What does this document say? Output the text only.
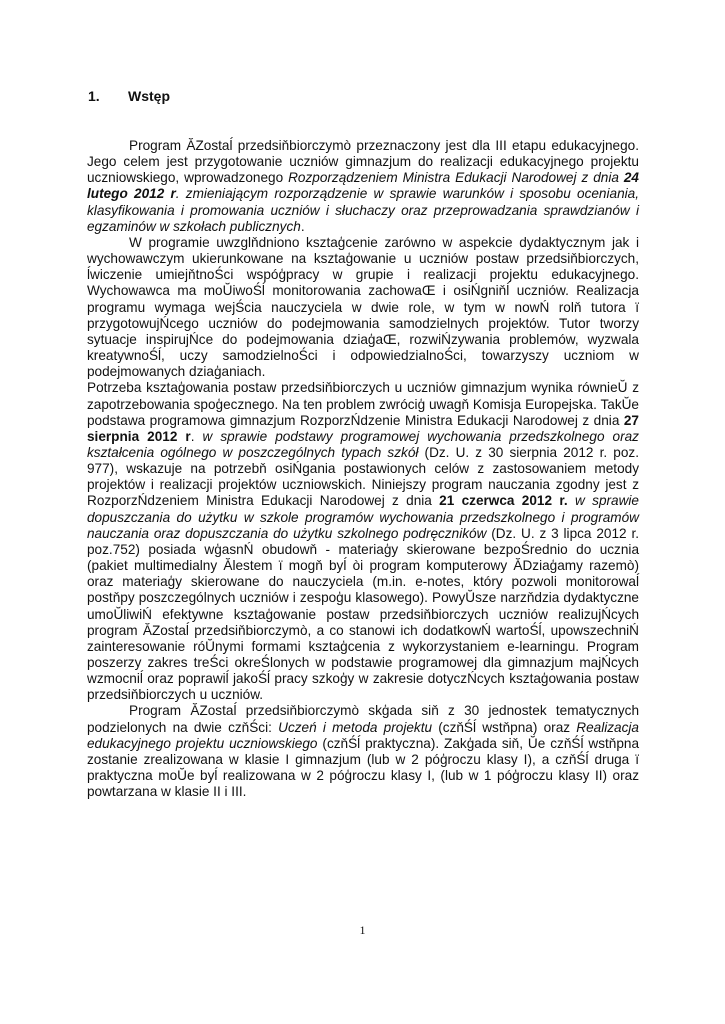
1. Wstęp

Program ĂZostaĺ przedsiňbiorczymò przeznaczony jest dla III etapu edukacyjnego. Jego celem jest przygotowanie uczniów gimnazjum do realizacji edukacyjnego projektu uczniowskiego, wprowadzonego Rozporządzeniem Ministra Edukacji Narodowej z dnia 24 lutego 2012 r. zmieniającym rozporządzenie w sprawie warunków i sposobu oceniania, klasyfikowania i promowania uczniów i słuchaczy oraz przeprowadzania sprawdzianów i egzaminów w szkołach publicznych.

W programie uwzglňdniono ksztaģcenie zarówno w aspekcie dydaktycznym jak i wychowawczym ukierunkowane na ksztaģowanie u uczniów postaw przedsiňbiorczych, ĺwiczenie umiejňtnoŚci wspóģpracy w grupie i realizacji projektu edukacyjnego. Wychowawca ma moŬiwoŚĺ monitorowania zachowaŒ i osiŃgniňĺ uczniów. Realizacja programu wymaga wejŚcia nauczyciela w dwie role, w tym w nowŃ rolň tutora ï przygotowujŃcego uczniów do podejmowania samodzielnych projektów. Tutor tworzy sytuacje inspirujŃce do podejmowania dziaģaŒ, rozwiŃzywania problemów, wyzwala kreatywnoŚĺ, uczy samodzielnoŚci i odpowiedzialnoŚci, towarzyszy uczniom w podejmowanych dziaģaniach.

Potrzeba ksztaģowania postaw przedsiňbiorczych u uczniów gimnazjum wynika równieŬ z zapotrzebowania spoģecznego. Na ten problem zwróciģ uwagň Komisja Europejska. TakŬe podstawa programowa gimnazjum RozporzŃdzenie Ministra Edukacji Narodowej z dnia 27 sierpnia 2012 r. w sprawie podstawy programowej wychowania przedszkolnego oraz kształcenia ogólnego w poszczególnych typach szkół (Dz. U. z 30 sierpnia 2012 r. poz. 977), wskazuje na potrzebň osiŃgania postawionych celów z zastosowaniem metody projektów i realizacji projektów uczniowskich. Niniejszy program nauczania zgodny jest z RozporzŃdzeniem Ministra Edukacji Narodowej z dnia 21 czerwca 2012 r. w sprawie dopuszczania do użytku w szkole programów wychowania przedszkolnego i programów nauczania oraz dopuszczania do użytku szkolnego podręczników (Dz. U. z 3 lipca 2012 r. poz.752) posiada wģasnŃ obudowň - materiaģy skierowane bezpoŚrednio do ucznia (pakiet multimedialny Ălestem ï mogň byĺ òi program komputerowy ĂDziaģamy razemò) oraz materiaģy skierowane do nauczyciela (m.in. e-notes, który pozwoli monitorowaĺ postňpy poszczególnych uczniów i zespoģu klasowego). PowyŬsze narzňdzia dydaktyczne umoŬliwiŃ efektywne ksztaģowanie postaw przedsiňbiorczych uczniów realizujŃcych program ĂZostaĺ przedsiňbiorczymò, a co stanowi ich dodatkowŃ wartoŚĺ, upowszechniŃ zainteresowanie róŬnymi formami ksztaģcenia z wykorzystaniem e-learningu. Program poszerzy zakres treŚci okreŚlonych w podstawie programowej dla gimnazjum majŃcych wzmocniĺ oraz poprawiĺ jakoŚĺ pracy szkoģy w zakresie dotyczŃcych ksztaģowania postaw przedsiňbiorczych u uczniów.

Program ĂZostaĺ przedsiňbiorczymò skģada siň z 30 jednostek tematycznych podzielonych na dwie czňŚci: Uczeń i metoda projektu (czňŚĺ wstňpna) oraz Realizacja edukacyjnego projektu uczniowskiego (czňŚĺ praktyczna). Zakģada siň, Ŭe czňŚĺ wstňpna zostanie zrealizowana w klasie I gimnazjum (lub w 2 póģroczu klasy I), a czňŚĺ druga ï praktyczna moŬe byĺ realizowana w 2 póģroczu klasy I, (lub w 1 póģroczu klasy II) oraz powtarzana w klasie II i III.

1
